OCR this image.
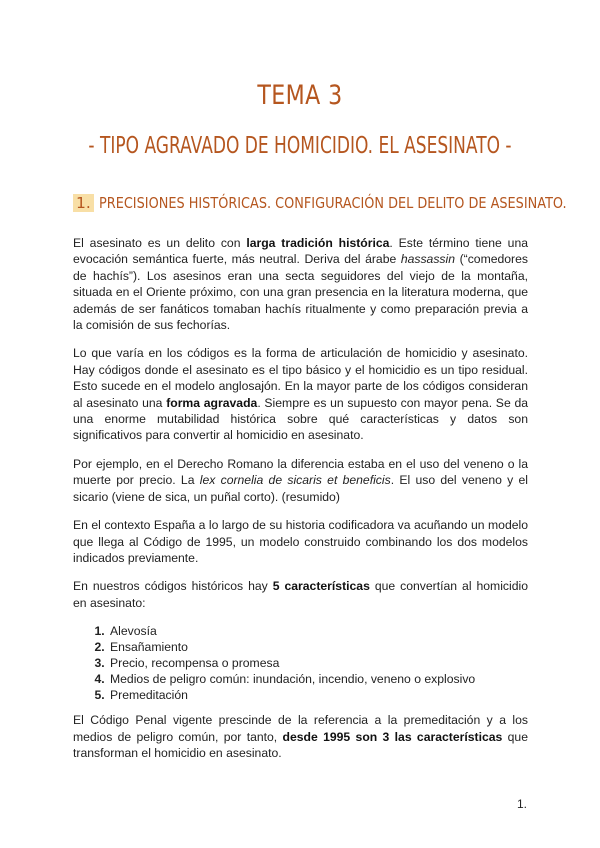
TEMA 3
- TIPO AGRAVADO DE HOMICIDIO. EL ASESINATO -
1. PRECISIONES HISTÓRICAS. CONFIGURACIÓN DEL DELITO DE ASESINATO.

El asesinato es un delito con larga tradición histórica. Este término tiene una evocación semántica fuerte, más neutral. Deriva del árabe hassassin (“comedores de hachís”). Los asesinos eran una secta seguidores del viejo de la montaña, situada en el Oriente próximo, con una gran presencia en la literatura moderna, que además de ser fanáticos tomaban hachís ritualmente y como preparación previa a la comisión de sus fechorías.

Lo que varía en los códigos es la forma de articulación de homicidio y asesinato. Hay códigos donde el asesinato es el tipo básico y el homicidio es un tipo residual. Esto sucede en el modelo anglosajón. En la mayor parte de los códigos consideran al asesinato una forma agravada. Siempre es un supuesto con mayor pena. Se da una enorme mutabilidad histórica sobre qué características y datos son significativos para convertir al homicidio en asesinato.

Por ejemplo, en el Derecho Romano la diferencia estaba en el uso del veneno o la muerte por precio. La lex cornelia de sicaris et beneficis. El uso del veneno y el sicario (viene de sica, un puñal corto). (resumido)

En el contexto España a lo largo de su historia codificadora va acuñando un modelo que llega al Código de 1995, un modelo construido combinando los dos modelos indicados previamente.

En nuestros códigos históricos hay 5 características que convertían al homicidio en asesinato:

1. Alevosía
2. Ensañamiento
3. Precio, recompensa o promesa
4. Medios de peligro común: inundación, incendio, veneno o explosivo
5. Premeditación

El Código Penal vigente prescinde de la referencia a la premeditación y a los medios de peligro común, por tanto, desde 1995 son 3 las características que transforman el homicidio en asesinato.

1.
